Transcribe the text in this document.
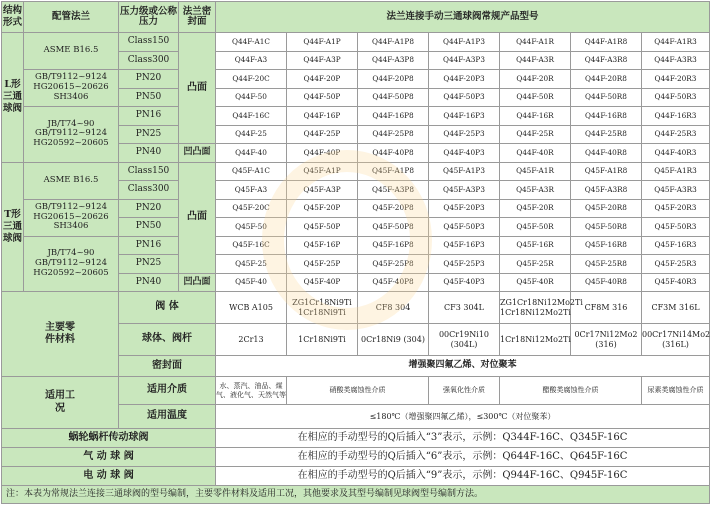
结构形式	配管法兰	压力级或公称压力	法兰密封面	法兰连接手动三通球阀常规产品型号						
L形三通球阀	ASME B16.5	Class150	凸面	Q44F-A1C	Q44F-A1P	Q44F-A1P8	Q44F-A1P3	Q44F-A1R	Q44F-A1R8	Q44F-A1R3
		Class300		Q44F-A3	Q44F-A3P	Q44F-A3P8	Q44F-A3P3	Q44F-A3R	Q44F-A3R8	Q44F-A3R3
	GB/T9112~9124 HG20615~20626 SH3406	PN20		Q44F-20C	Q44F-20P	Q44F-20P8	Q44F-20P3	Q44F-20R	Q44F-20R8	Q44F-20R3
		PN50		Q44F-50	Q44F-50P	Q44F-50P8	Q44F-50P3	Q44F-50R	Q44F-50R8	Q44F-50R3
	JB/T74~90 GB/T9112~9124 HG20592~20605	PN16		Q44F-16C	Q44F-16P	Q44F-16P8	Q44F-16P3	Q44F-16R	Q44F-16R8	Q44F-16R3
		PN25		Q44F-25	Q44F-25P	Q44F-25P8	Q44F-25P3	Q44F-25R	Q44F-25R8	Q44F-25R3
		PN40	凹凸面	Q44F-40	Q44F-40P	Q44F-40P8	Q44F-40P3	Q44F-40R	Q44F-40R8	Q44F-40R3
T形三通球阀	ASME B16.5	Class150	凸面	Q45F-A1C	Q45F-A1P	Q45F-A1P8	Q45F-A1P3	Q45F-A1R	Q45F-A1R8	Q45F-A1R3
		Class300		Q45F-A3	Q45F-A3P	Q45F-A3P8	Q45F-A3P3	Q45F-A3R	Q45F-A3R8	Q45F-A3R3
	GB/T9112~9124 HG20615~20626 SH3406	PN20		Q45F-20C	Q45F-20P	Q45F-20P8	Q45F-20P3	Q45F-20R	Q45F-20R8	Q45F-20R3
		PN50		Q45F-50	Q45F-50P	Q45F-50P8	Q45F-50P3	Q45F-50R	Q45F-50R8	Q45F-50R3
	JB/T74~90 GB/T9112~9124 HG20592~20605	PN16		Q45F-16C	Q45F-16P	Q45F-16P8	Q45F-16P3	Q45F-16R	Q45F-16R8	Q45F-16R3
		PN25		Q45F-25	Q45F-25P	Q45F-25P8	Q45F-25P3	Q45F-25R	Q45F-25R8	Q45F-25R3
		PN40	凹凸面	Q45F-40	Q45F-40P	Q45F-40P8	Q45F-40P3	Q45F-40R	Q45F-40R8	Q45F-40R3
主要零件材料		阀 体		WCB A105	ZG1Cr18Ni9Ti 1Cr18Ni9Ti	CF8 304	CF3 304L	ZG1Cr18Ni12Mo2Ti 1Cr18Ni12Mo2Ti	CF8M 316	CF3M 316L
		球体、阀杆		2Cr13	1Cr18Ni9Ti	0Cr18Ni9 (304)	00Cr19Ni10 (304L)	1Cr18Ni12Mo2Ti	0Cr17Ni12Mo2 (316)	00Cr17Ni14Mo2 (316L)
		密封面		增强聚四氟乙烯、对位聚苯						
适用工况		适用介质		水、蒸汽、油品、煤气、液化气、天然气等	硝酸类腐蚀性介质		强氧化性介质	醋酸类腐蚀性介质		尿素类腐蚀性介质
		适用温度		≤180℃（增强聚四氟乙烯），≤300℃（对位聚苯）						
蜗轮蜗杆传动球阀				在相应的手动型号的Q后插入“3”表示，示例：Q344F-16C、Q345F-16C						
气 动 球 阀				在相应的手动型号的Q后插入“6”表示，示例：Q644F-16C、Q645F-16C						
电 动 球 阀				在相应的手动型号的Q后插入“9”表示，示例：Q944F-16C、Q945F-16C						
注：本表为常规法兰连接三通球阀的型号编制，主要零件材料及适用工况，其他要求及其型号编制见球阀型号编制方法。										
